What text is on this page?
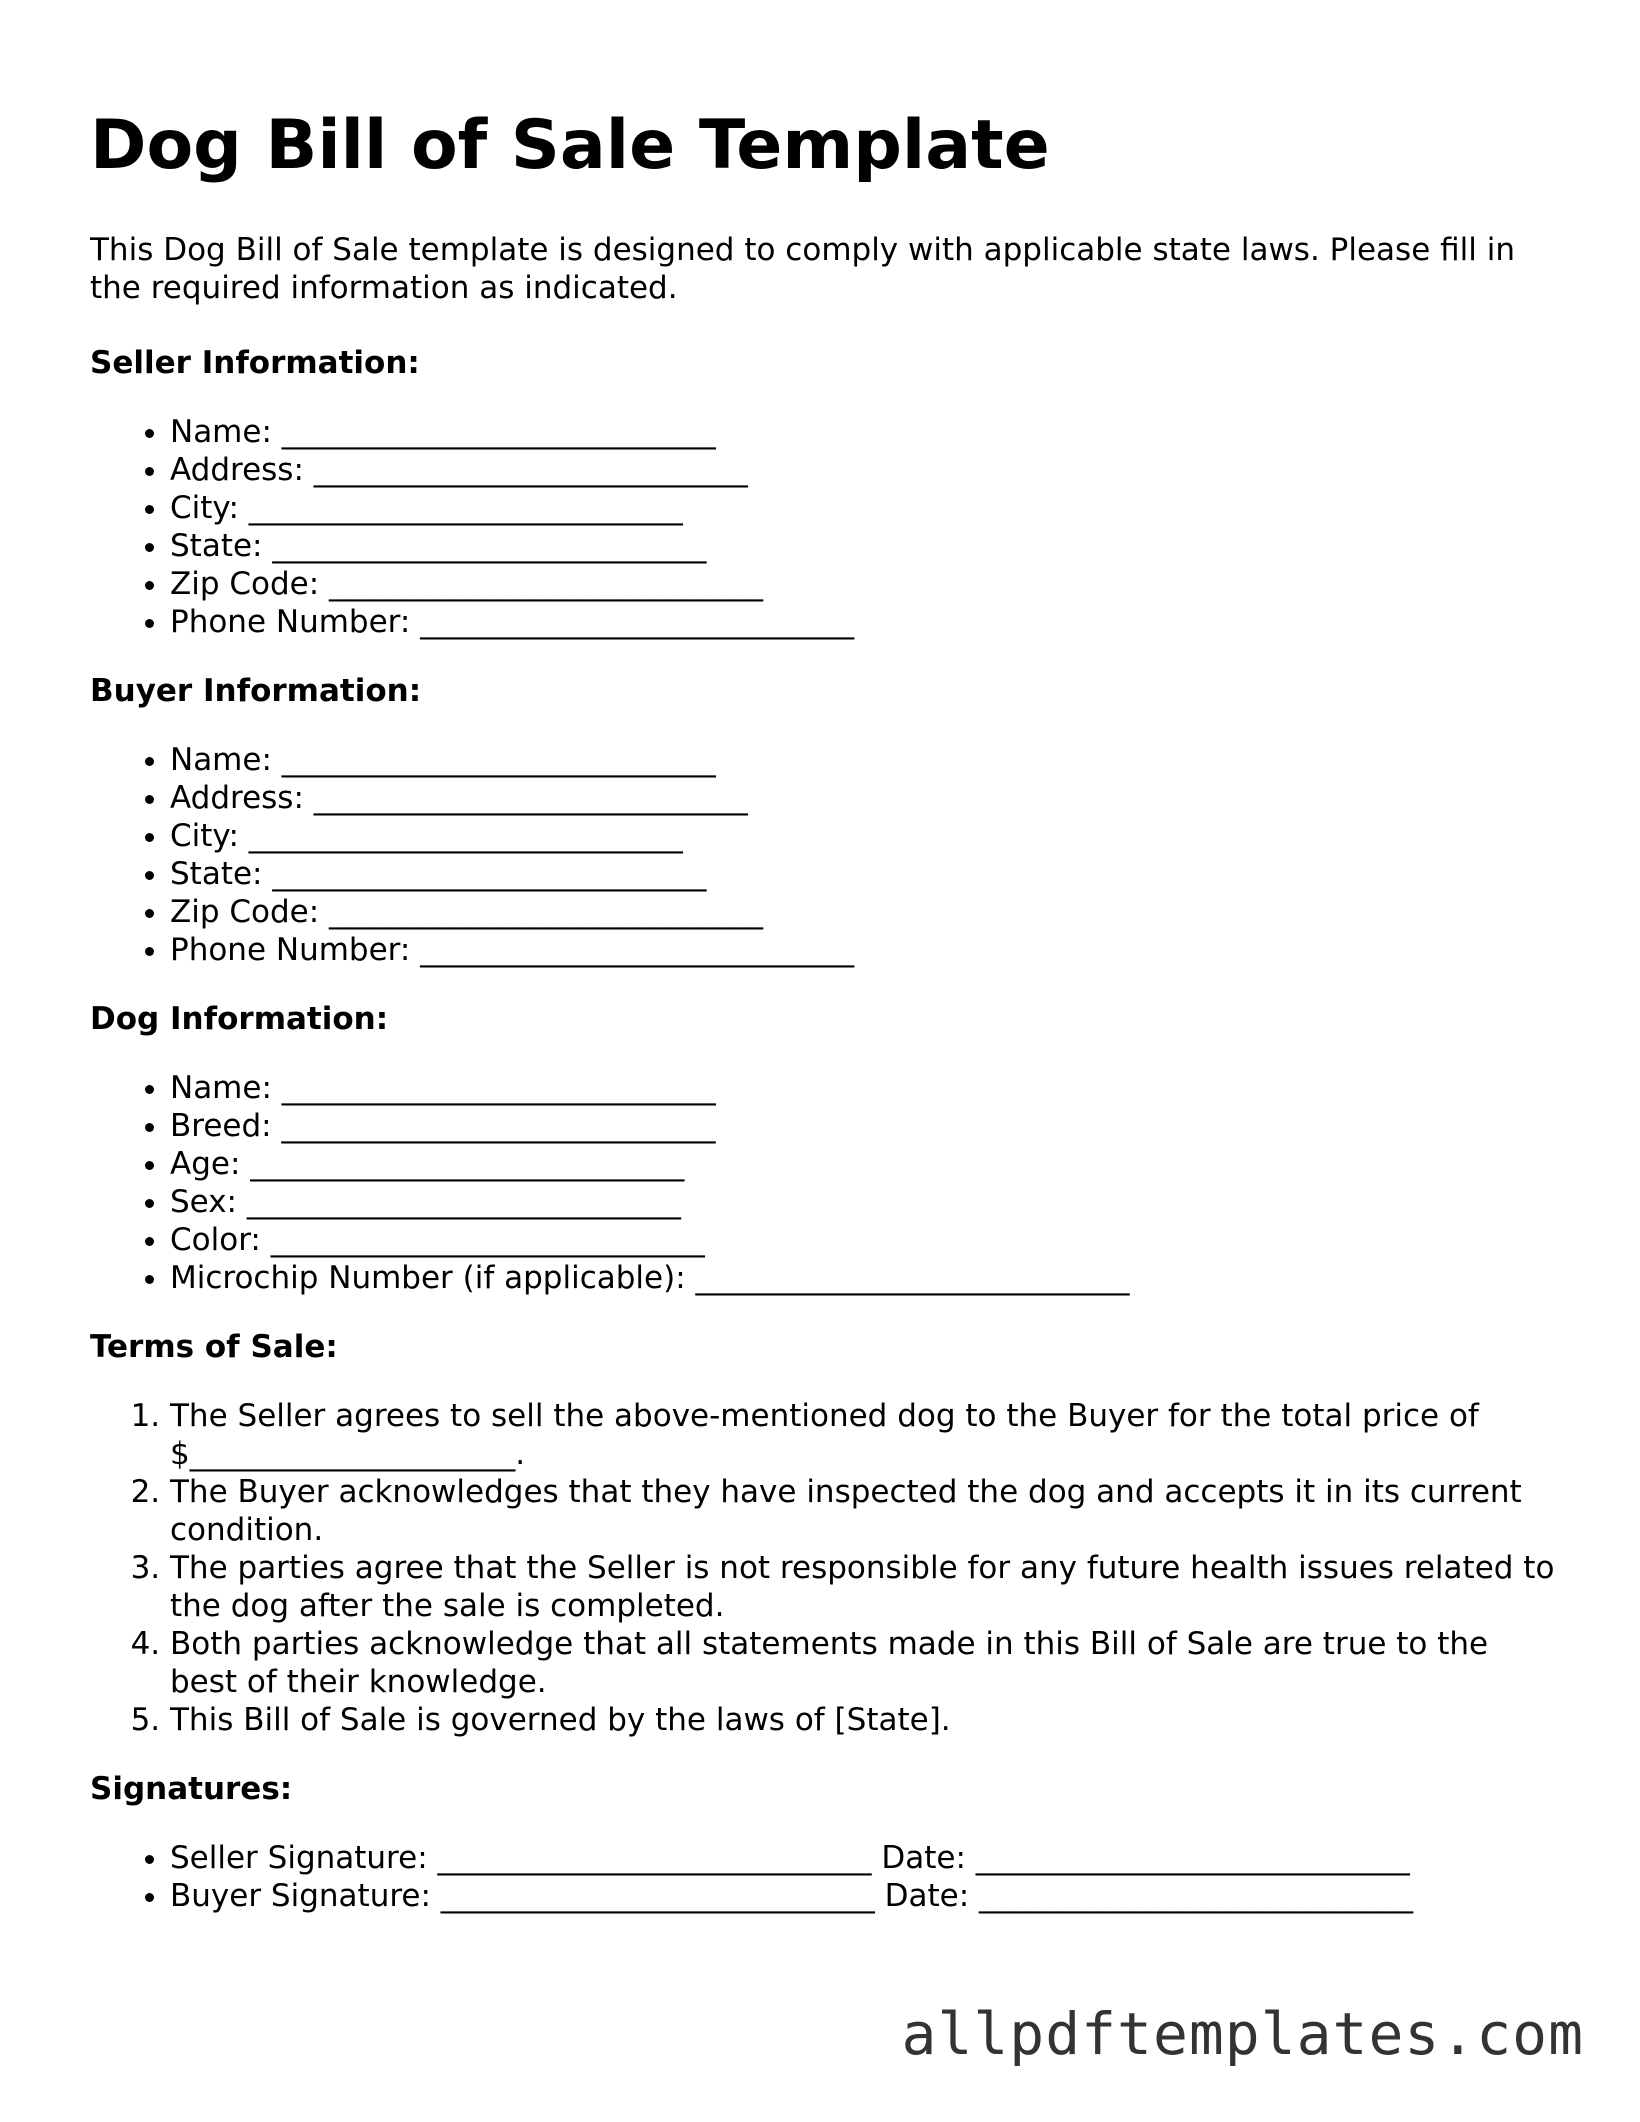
Dog Bill of Sale Template

This Dog Bill of Sale template is designed to comply with applicable state laws. Please fill in the required information as indicated.

Seller Information:
• Name: ____________________________
• Address: ____________________________
• City: ____________________________
• State: ____________________________
• Zip Code: ____________________________
• Phone Number: ____________________________
Buyer Information:
• Name: ____________________________
• Address: ____________________________
• City: ____________________________
• State: ____________________________
• Zip Code: ____________________________
• Phone Number: ____________________________
Dog Information:
• Name: ____________________________
• Breed: ____________________________
• Age: ____________________________
• Sex: ____________________________
• Color: ____________________________
• Microchip Number (if applicable): ____________________________
Terms of Sale:
1. The Seller agrees to sell the above-mentioned dog to the Buyer for the total price of $_____________________.
2. The Buyer acknowledges that they have inspected the dog and accepts it in its current condition.
3. The parties agree that the Seller is not responsible for any future health issues related to the dog after the sale is completed.
4. Both parties acknowledge that all statements made in this Bill of Sale are true to the best of their knowledge.
5. This Bill of Sale is governed by the laws of [State].
Signatures:
• Seller Signature: ____________________________ Date: ____________________________
• Buyer Signature: ____________________________ Date: ____________________________
allpdftemplates.com
